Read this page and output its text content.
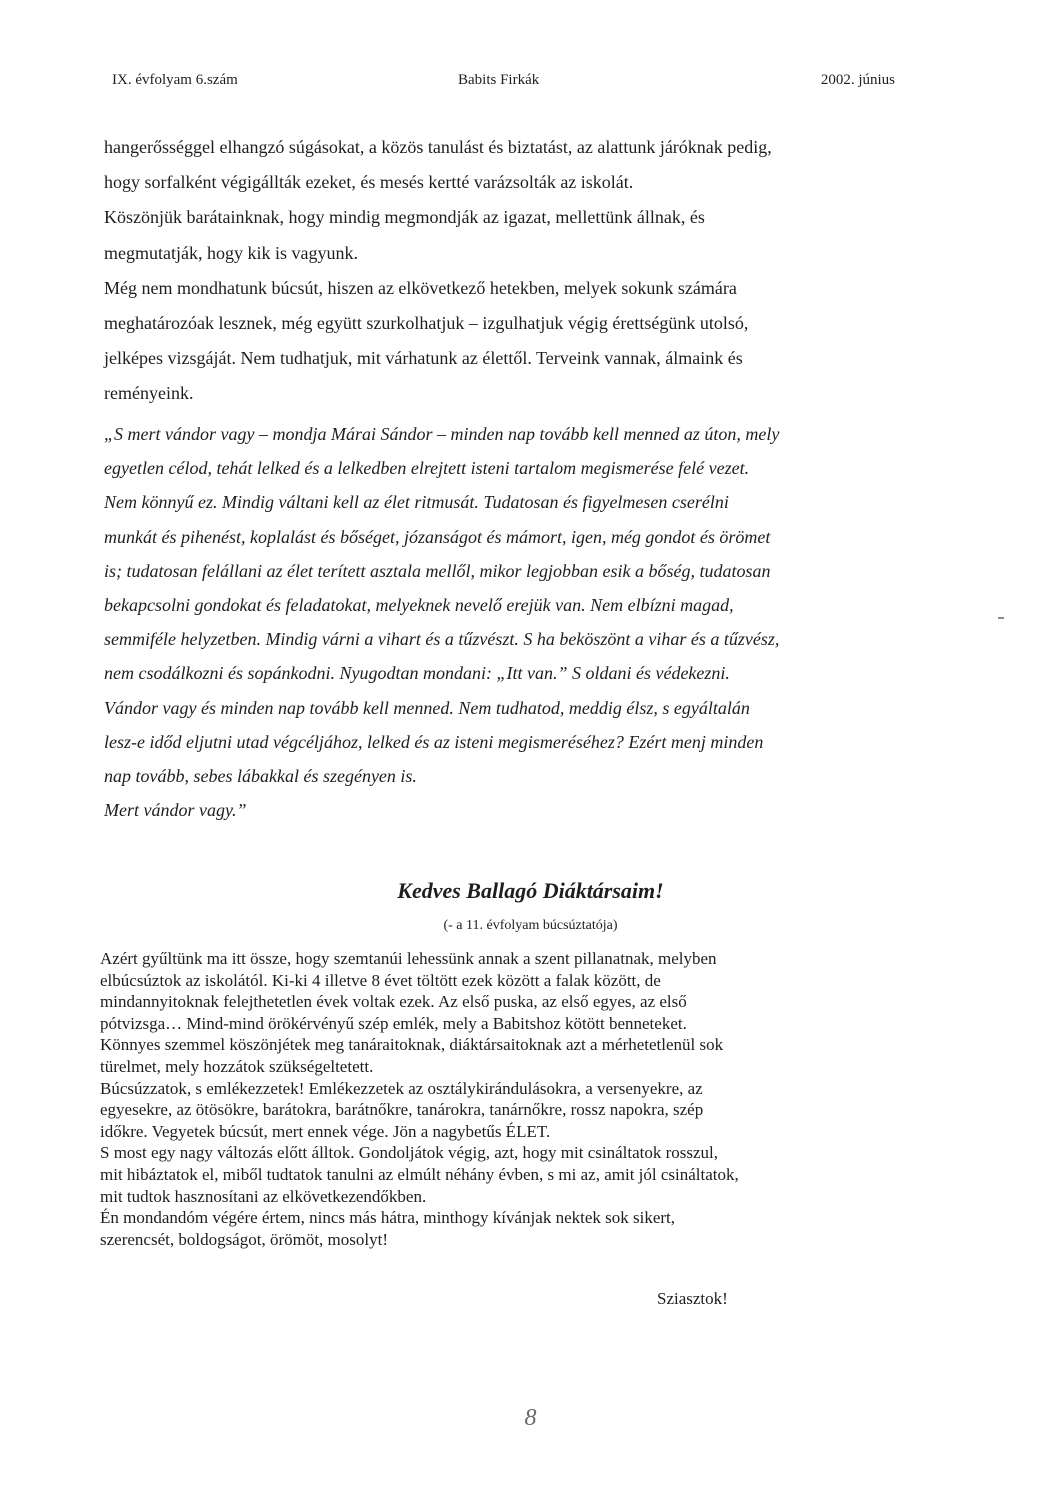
IX. évfolyam 6.szám	Babits Firkák	2002. június
hangerősséggel elhangzó súgásokat, a közös tanulást és biztatást, az alattunk járóknak pedig,
hogy sorfalként végigállták ezeket, és mesés kertté varázsolták az iskolát.
Köszönjük barátainknak, hogy mindig megmondják az igazat, mellettünk állnak, és
megmutatják, hogy kik is vagyunk.
Még nem mondhatunk búcsút, hiszen az elkövetkező hetekben, melyek sokunk számára
meghatározóak lesznek, még együtt szurkolhatjuk – izgulhatjuk végig érettségünk utolsó,
jelképes vizsgáját. Nem tudhatjuk, mit várhatunk az élettől. Terveink vannak, álmaink és
reményeink.
„S mert vándor vagy – mondja Márai Sándor – minden nap tovább kell menned az úton, mely
egyetlen célod, tehát lelked és a lelkedben elrejtett isteni tartalom megismerése felé vezet.
Nem könnyű ez. Mindig váltani kell az élet ritmusát. Tudatosan és figyelmesen cserélni
munkát és pihenést, koplalást és bőséget, józanságot és mámort, igen, még gondot és örömet
is; tudatosan felállani az élet terített asztala mellől, mikor legjobban esik a bőség, tudatosan
bekapcsolni gondokat és feladatokat, melyeknek nevelő erejük van. Nem elbízni magad,
semmiféle helyzetben. Mindig várni a vihart és a tűzvészt. S ha beköszönt a vihar és a tűzvész,
nem csodálkozni és sopánkodni. Nyugodtan mondani: „Itt van.” S oldani és védekezni.
Vándor vagy és minden nap tovább kell menned. Nem tudhatod, meddig élsz, s egyáltalán
lesz-e időd eljutni utad végcéljához, lelked és az isteni megismeréséhez? Ezért menj minden
nap tovább, sebes lábakkal és szegényen is.
Mert vándor vagy.”
Kedves Ballagó Diáktársaim!
(- a 11. évfolyam búcsúztatója)
Azért gyűltünk ma itt össze, hogy szemtanúi lehessünk annak a szent pillanatnak, melyben
elbúcsúztok az iskolától. Ki-ki 4 illetve 8 évet töltött ezek között a falak között, de
mindannyitoknak felejthetetlen évek voltak ezek. Az első puska, az első egyes, az első
pótvizsga… Mind-mind örökérvényű szép emlék, mely a Babitshoz kötött benneteket.
Könnyes szemmel köszönjétek meg tanáraitoknak, diáktársaitoknak azt a mérhetetlenül sok
türelmet, mely hozzátok szükségeltetett.
Búcsúzzatok, s emlékezzetek! Emlékezzetek az osztálykirándulásokra, a versenyekre, az
egyesekre, az ötösökre, barátokra, barátnőkre, tanárokra, tanárnőkre, rossz napokra, szép
időkre. Vegyetek búcsút, mert ennek vége. Jön a nagybetűs ÉLET.
S most egy nagy változás előtt álltok. Gondoljátok végig, azt, hogy mit csináltatok rosszul,
mit hibáztatok el, miből tudtatok tanulni az elmúlt néhány évben, s mi az, amit jól csináltatok,
mit tudtok hasznosítani az elkövetkezendőkben.
Én mondandóm végére értem, nincs más hátra, minthogy kívánjak nektek sok sikert,
szerencsét, boldogságot, örömöt, mosolyt!
Sziasztok!
8
